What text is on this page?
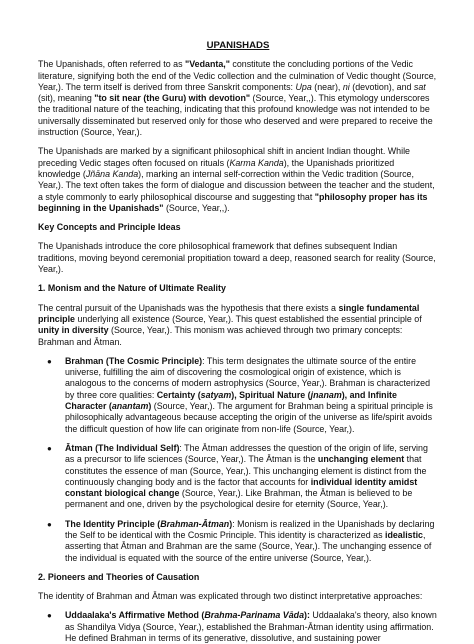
UPANISHADS

The Upanishads, often referred to as "Vedanta," constitute the concluding portions of the Vedic literature, signifying both the end of the Vedic collection and the culmination of Vedic thought (Source, Year,). The term itself is derived from three Sanskrit components: Upa (near), ni (devotion), and sat (sit), meaning "to sit near (the Guru) with devotion" (Source, Year,,). This etymology underscores the traditional nature of the teaching, indicating that this profound knowledge was not intended to be universally disseminated but reserved only for those who deserved and were prepared to receive the instruction (Source, Year,).

The Upanishads are marked by a significant philosophical shift in ancient Indian thought. While preceding Vedic stages often focused on rituals (Karma Kanda), the Upanishads prioritized knowledge (Jñāna Kanda), marking an internal self-correction within the Vedic tradition (Source, Year,). The text often takes the form of dialogue and discussion between the teacher and the student, a style commonly to early philosophical discourse and suggesting that "philosophy proper has its beginning in the Upanishads" (Source, Year,,).

Key Concepts and Principle Ideas

The Upanishads introduce the core philosophical framework that defines subsequent Indian traditions, moving beyond ceremonial propitiation toward a deep, reasoned search for reality (Source, Year,).

1. Monism and the Nature of Ultimate Reality

The central pursuit of the Upanishads was the hypothesis that there exists a single fundamental principle underlying all existence (Source, Year,). This quest established the essential principle of unity in diversity (Source, Year,). This monism was achieved through two primary concepts: Brahman and Ātman.

● Brahman (The Cosmic Principle): This term designates the ultimate source of the entire universe, fulfilling the aim of discovering the cosmological origin of existence, which is analogous to the concerns of modern astrophysics (Source, Year,). Brahman is characterized by three core qualities: Certainty (satyam), Spiritual Nature (jnanam), and Infinite Character (anantam) (Source, Year,). The argument for Brahman being a spiritual principle is philosophically advantageous because accepting the origin of the universe as life/spirit avoids the difficult question of how life can originate from non-life (Source, Year,).
● Ātman (The Individual Self): The Ātman addresses the question of the origin of life, serving as a precursor to life sciences (Source, Year,). The Ātman is the unchanging element that constitutes the essence of man (Source, Year,). This unchanging element is distinct from the continuously changing body and is the factor that accounts for individual identity amidst constant biological change (Source, Year,). Like Brahman, the Ātman is believed to be permanent and one, driven by the psychological desire for eternity (Source, Year,).
● The Identity Principle (Brahman-Ātman): Monism is realized in the Upanishads by declaring the Self to be identical with the Cosmic Principle. This identity is characterized as idealistic, asserting that Ātman and Brahman are the same (Source, Year,). The unchanging essence of the individual is equated with the source of the entire universe (Source, Year,).
2. Pioneers and Theories of Causation

The identity of Brahman and Ātman was explicated through two distinct interpretative approaches:

● Uddaalaka's Affirmative Method (Brahma-Parinama Vāda): Uddaalaka's theory, also known as Shandilya Vidya (Source, Year,), established the Brahman-Ātman identity using affirmation. He defined Brahman in terms of its generative, dissolutive, and sustaining power
